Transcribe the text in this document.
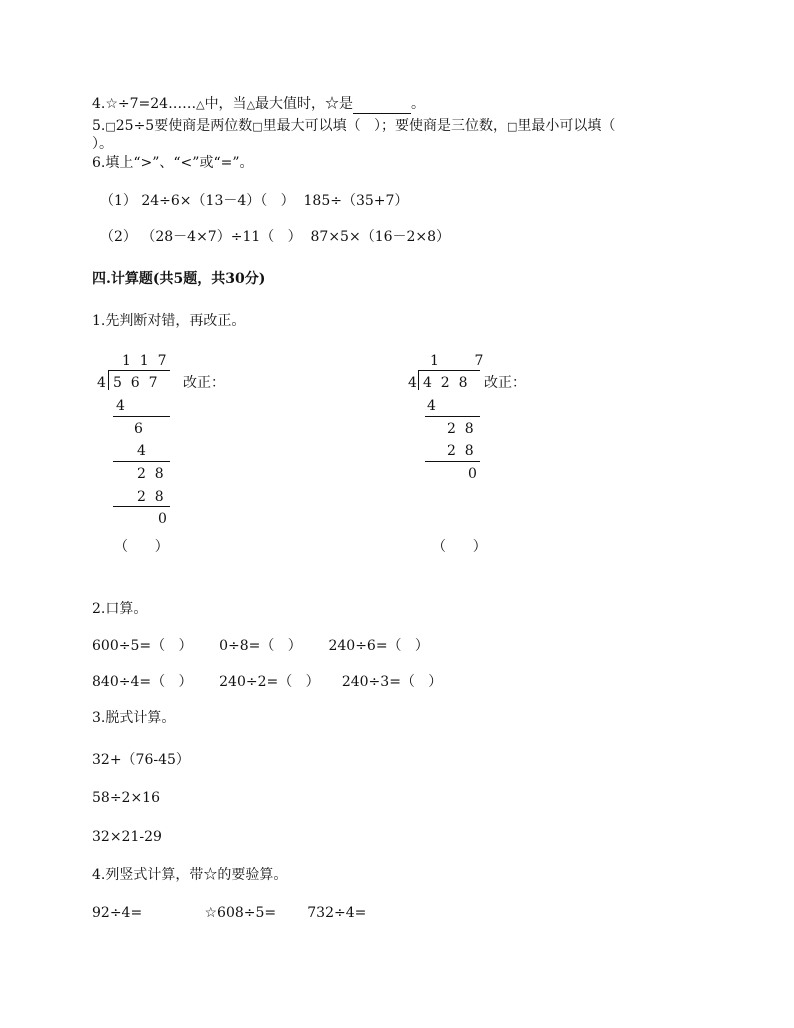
4.☆÷7=24……△中，当△最大值时，☆是	。
5.□25÷5要使商是两位数□里最大可以填（   ）；要使商是三位数，□里最小可以填（
）。
6.填上“>”、“<”或“=”。
（1） 24÷6×（13－4）（   ）  185÷（35+7）
（2） （28－4×7）÷11（   ）  87×5×（16－2×8）
四.计算题(共5题，共30分)
1.先判断对错，再改正。
1  1  7
4 5  6  7 改正：
4
6
4
2  8
2  8
0
（      ）
1        7
4 4  2  8 改正：
4
2  8
2  8
0
（      ）
2.口算。
600÷5=（   ）      0÷8=（   ）      240÷6=（   ）
840÷4=（   ）      240÷2=（   ）     240÷3=（   ）
3.脱式计算。
32+（76-45）
58÷2×16
32×21-29
4.列竖式计算，带☆的要验算。
92÷4=              ☆608÷5=       732÷4=
